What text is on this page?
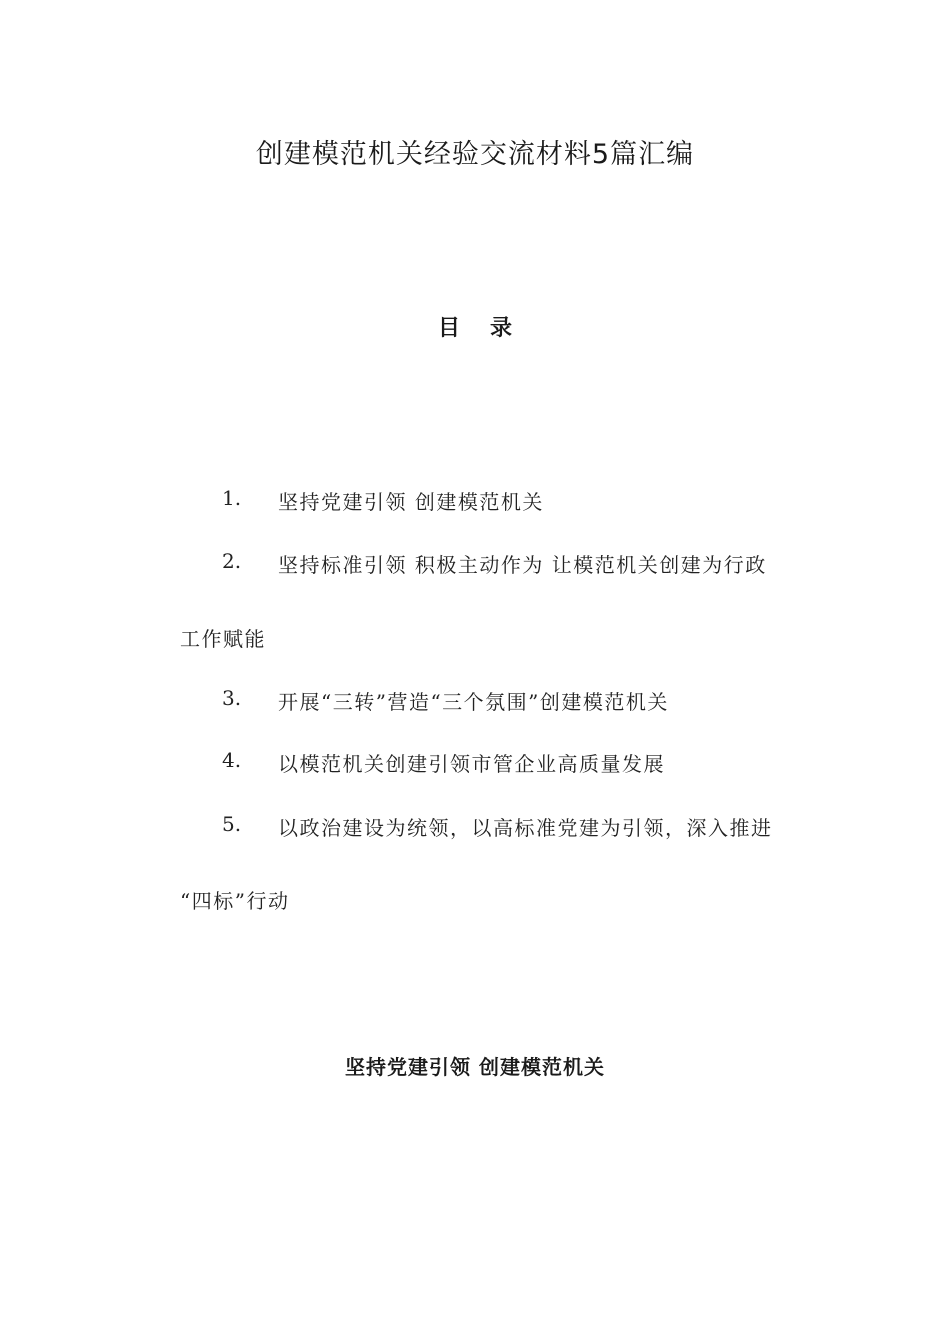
创建模范机关经验交流材料5篇汇编
目录
1. 坚持党建引领 创建模范机关
2. 坚持标准引领 积极主动作为 让模范机关创建为行政
工作赋能
3. 开展“三转”营造“三个氛围”创建模范机关
4. 以模范机关创建引领市管企业高质量发展
5. 以政治建设为统领，以高标准党建为引领，深入推进
“四标”行动
坚持党建引领 创建模范机关
